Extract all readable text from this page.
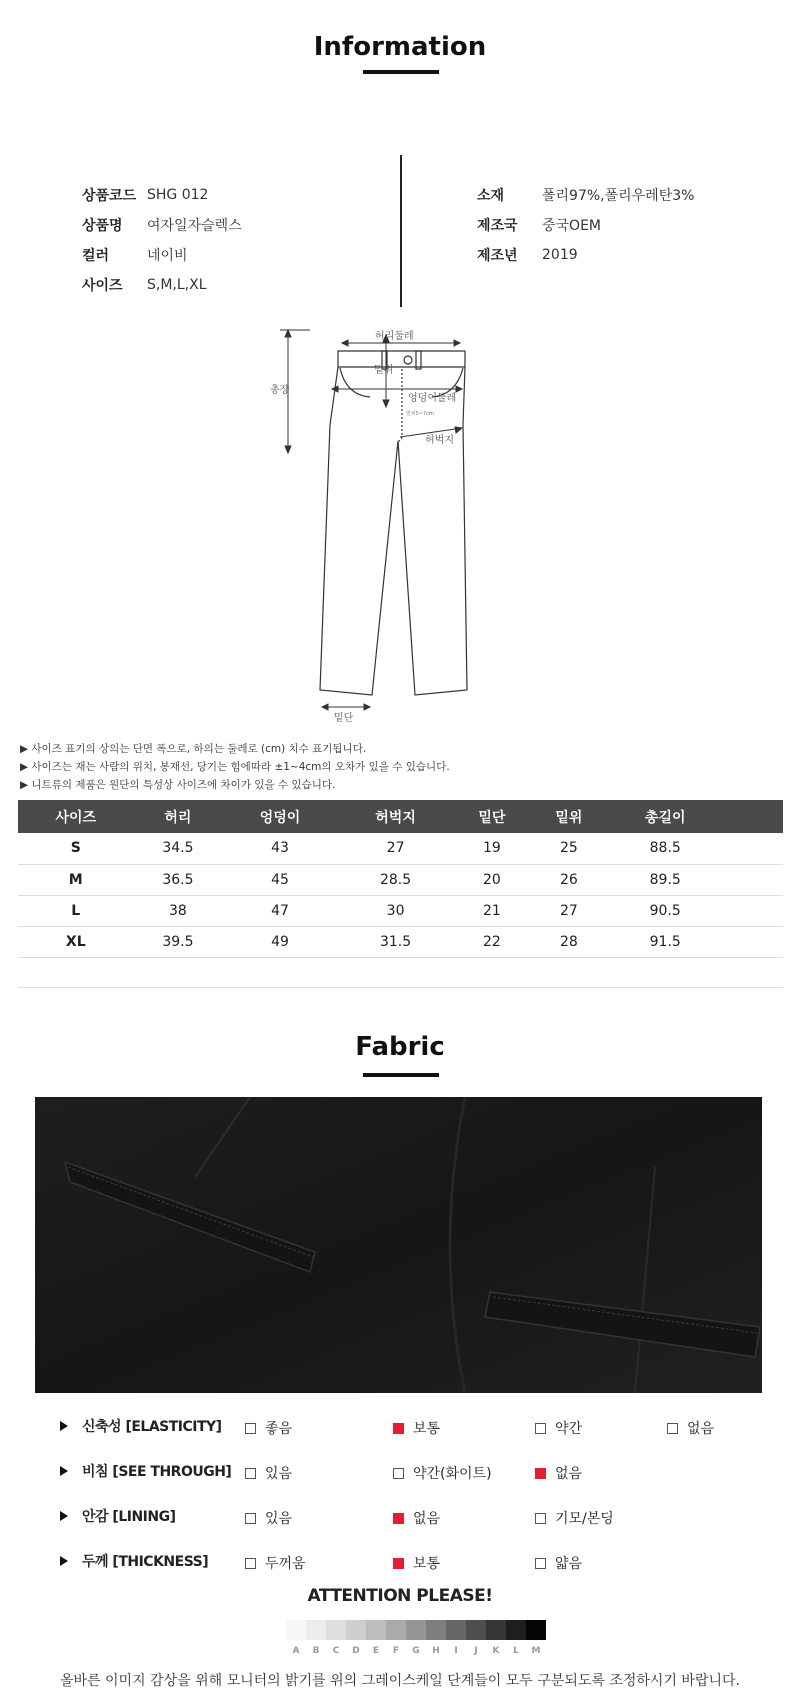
Information
상품코드 SHG 012
상품명	여자일자슬렉스
컬러	네이비
사이즈	S,M,L,XL
소재	폴리97%,폴리우레탄3%
제조국	중국OEM
제조년	2019
허리둘레
총장
밑위
엉덩이둘레
밑위5~7cm
허벅지
밑단
▶ 사이즈 표기의 상의는 단면 폭으로, 하의는 둘레로 (cm) 치수 표기됩니다.
▶ 사이즈는 재는 사람의 위치, 봉재선, 당기는 힘에따라 ±1~4cm의 오차가 있을 수 있습니다.
▶ 니트류의 제품은 원단의 특성상 사이즈에 차이가 있을 수 있습니다.
사이즈	허리	엉덩이	허벅지	밑단	밑위	총길이	
S	34.5	43	27	19	25	88.5	
M	36.5	45	28.5	20	26	89.5	
L	38	47	30	21	27	90.5	
XL	39.5	49	31.5	22	28	91.5	

Fabric
신축성 [ELASTICITY]	좋음	보통	약간	없음
비침 [SEE THROUGH] 있음	약간(화이트)	없음
안감 [LINING]	있음	없음	기모/본딩
두께 [THICKNESS]	두꺼움	보통	얇음
ATTENTION PLEASE!
A	B	C	D	E	F	G	H	I	J	K	L	M
올바른 이미지 감상을 위해 모니터의 밝기를 위의 그레이스케일 단계들이 모두 구분되도록 조정하시기 바랍니다.
